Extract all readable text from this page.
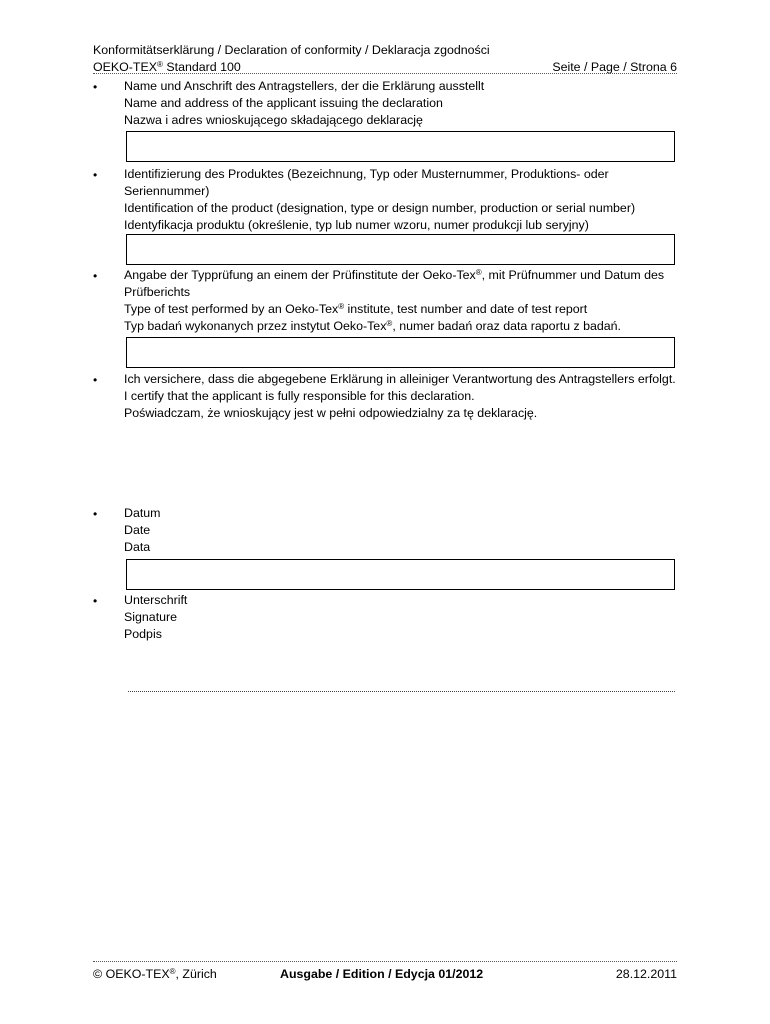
Konformitätserklärung / Declaration of conformity / Deklaracja zgodności
OEKO-TEX® Standard 100	Seite / Page / Strona 6
• Name und Anschrift des Antragstellers, der die Erklärung ausstellt

Name and address of the applicant issuing the declaration

Nazwa i adres wnioskującego składającego deklarację

• Identifizierung des Produktes (Bezeichnung, Typ oder Musternummer, Produktions- oder Seriennummer)

Identification of the product (designation, type or design number, production or serial number)

Identyfikacja produktu (określenie, typ lub numer wzoru, numer produkcji lub seryjny)

• Angabe der Typprüfung an einem der Prüfinstitute der Oeko-Tex®, mit Prüfnummer und Datum des Prüfberichts

Type of test performed by an Oeko-Tex® institute, test number and date of test report

Typ badań wykonanych przez instytut Oeko-Tex®, numer badań oraz data raportu z badań.

• Ich versichere, dass die abgegebene Erklärung in alleiniger Verantwortung des Antragstellers erfolgt.

I certify that the applicant is fully responsible for this declaration.

Poświadczam, że wnioskujący jest w pełni odpowiedzialny za tę deklarację.

• Datum

Date

Data

• Unterschrift

Signature

Podpis

© OEKO-TEX®, Zürich	Ausgabe / Edition / Edycja 01/2012	28.12.2011
